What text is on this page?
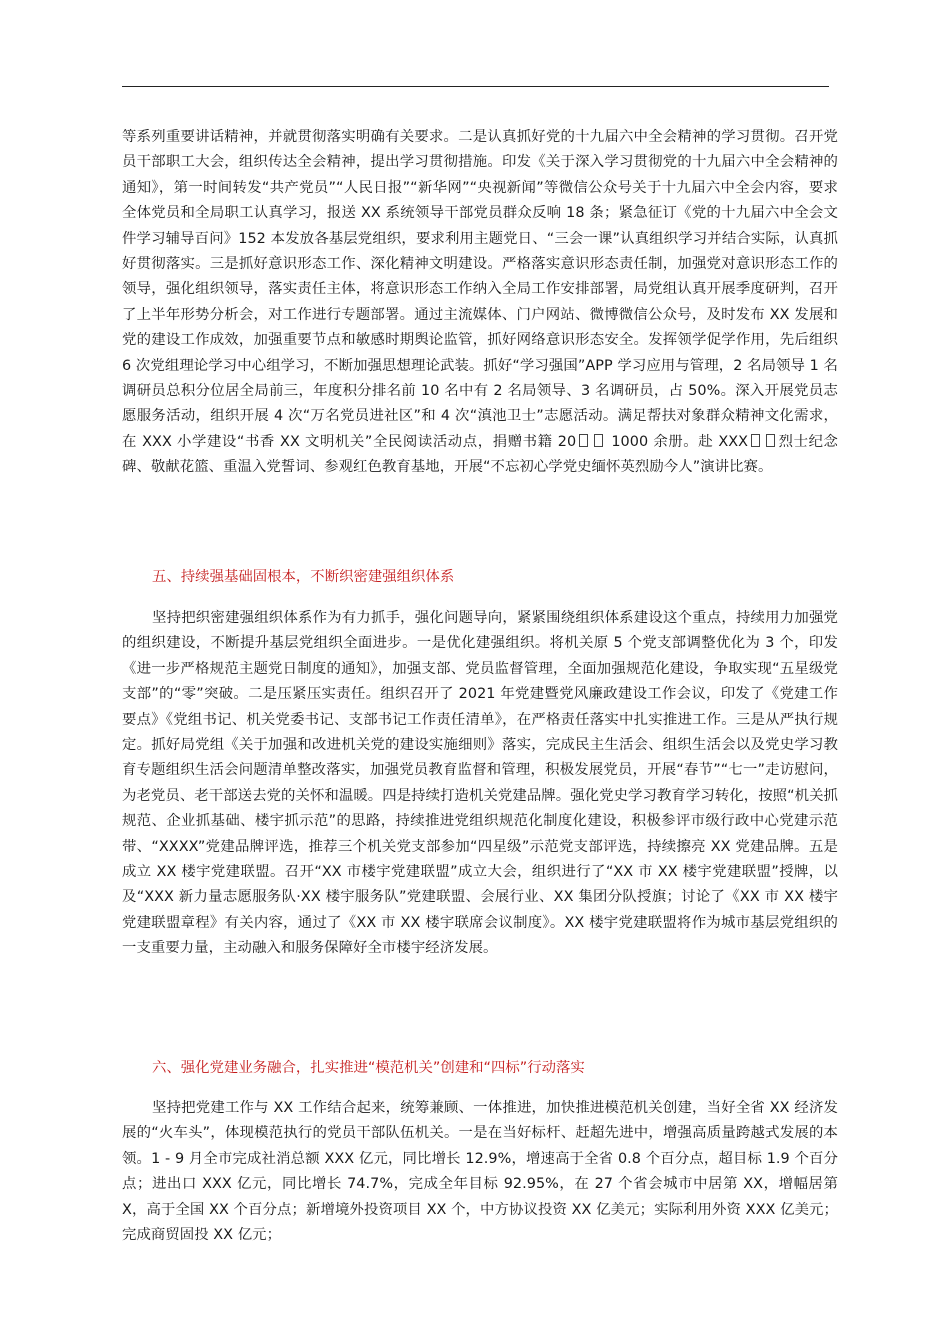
等系列重要讲话精神，并就贯彻落实明确有关要求。二是认真抓好党的十九届六中全会精神的学习贯彻。召开党员干部职工大会，组织传达全会精神，提出学习贯彻措施。印发《关于深入学习贯彻党的十九届六中全会精神的通知》，第一时间转发“共产党员”“人民日报”“新华网”“央视新闻”等微信公众号关于十九届六中全会内容，要求全体党员和全局职工认真学习，报送 XX 系统领导干部党员群众反响 18 条；紧急征订《党的十九届六中全会文件学习辅导百问》152 本发放各基层党组织，要求利用主题党日、“三会一课”认真组织学习并结合实际，认真抓好贯彻落实。三是抓好意识形态工作、深化精神文明建设。严格落实意识形态责任制，加强党对意识形态工作的领导，强化组织领导，落实责任主体，将意识形态工作纳入全局工作安排部署，局党组认真开展季度研判，召开了上半年形势分析会，对工作进行专题部署。通过主流媒体、门户网站、微博微信公众号，及时发布 XX 发展和党的建设工作成效，加强重要节点和敏感时期舆论监管，抓好网络意识形态安全。发挥领学促学作用，先后组织 6 次党组理论学习中心组学习，不断加强思想理论武装。抓好“学习强国”APP 学习应用与管理，2 名局领导 1 名调研员总积分位居全局前三，年度积分排名前 10 名中有 2 名局领导、3 名调研员，占 50%。深入开展党员志愿服务活动，组织开展 4 次“万名党员进社区”和 4 次“滇池卫士”志愿活动。满足帮扶对象群众精神文化需求，在 XXX 小学建设“书香 XX 文明机关”全民阅读活动点，捐赠书籍 20 1000 余册。赴 XXX 烈士纪念碑、敬献花篮、重温入党誓词、参观红色教育基地，开展“不忘初心学党史缅怀英烈励今人”演讲比赛。
五、持续强基础固根本，不断织密建强组织体系
坚持把织密建强组织体系作为有力抓手，强化问题导向，紧紧围绕组织体系建设这个重点，持续用力加强党的组织建设，不断提升基层党组织全面进步。一是优化建强组织。将机关原 5 个党支部调整优化为 3 个，印发《进一步严格规范主题党日制度的通知》，加强支部、党员监督管理，全面加强规范化建设，争取实现“五星级党支部”的“零”突破。二是压紧压实责任。组织召开了 2021 年党建暨党风廉政建设工作会议，印发了《党建工作要点》《党组书记、机关党委书记、支部书记工作责任清单》，在严格责任落实中扎实推进工作。三是从严执行规定。抓好局党组《关于加强和改进机关党的建设实施细则》落实，完成民主生活会、组织生活会以及党史学习教育专题组织生活会问题清单整改落实，加强党员教育监督和管理，积极发展党员，开展“春节”“七一”走访慰问，为老党员、老干部送去党的关怀和温暖。四是持续打造机关党建品牌。强化党史学习教育学习转化，按照“机关抓规范、企业抓基础、楼宇抓示范”的思路，持续推进党组织规范化制度化建设，积极参评市级行政中心党建示范带、“XXXX”党建品牌评选，推荐三个机关党支部参加“四星级”示范党支部评选，持续擦亮 XX 党建品牌。五是成立 XX 楼宇党建联盟。召开“XX 市楼宇党建联盟”成立大会，组织进行了“XX 市 XX 楼宇党建联盟”授牌，以及“XXX 新力量志愿服务队·XX 楼宇服务队”党建联盟、会展行业、XX 集团分队授旗；讨论了《XX 市 XX 楼宇党建联盟章程》有关内容，通过了《XX 市 XX 楼宇联席会议制度》。XX 楼宇党建联盟将作为城市基层党组织的一支重要力量，主动融入和服务保障好全市楼宇经济发展。
六、强化党建业务融合，扎实推进“模范机关”创建和“四标”行动落实
坚持把党建工作与 XX 工作结合起来，统筹兼顾、一体推进，加快推进模范机关创建，当好全省 XX 经济发展的“火车头”，体现模范执行的党员干部队伍机关。一是在当好标杆、赶超先进中，增强高质量跨越式发展的本领。1 - 9 月全市完成社消总额 XXX 亿元，同比增长 12.9%，增速高于全省 0.8 个百分点，超目标 1.9 个百分点；进出口 XXX 亿元，同比增长 74.7%，完成全年目标 92.95%，在 27 个省会城市中居第 XX，增幅居第 X，高于全国 XX 个百分点；新增境外投资项目 XX 个，中方协议投资 XX 亿美元；实际利用外资 XXX 亿美元；完成商贸固投 XX 亿元；
